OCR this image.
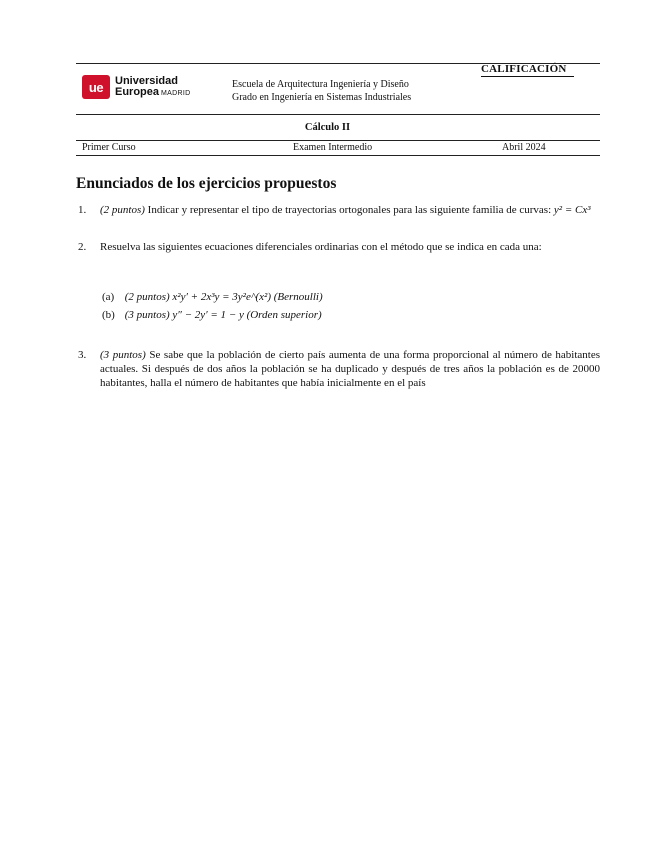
CALIFICACIÓN
ue	Universidad
Europea MADRID
Escuela de Arquitectura Ingeniería y Diseño
Grado en Ingeniería en Sistemas Industriales
Cálculo II
Primer Curso	Examen Intermedio	Abril 2024
Enunciados de los ejercicios propuestos
1. (2 puntos) Indicar y representar el tipo de trayectorias ortogonales para las siguiente familia de curvas: y² = Cx³
2. Resuelva las siguientes ecuaciones diferenciales ordinarias con el método que se indica en cada una:
(a) (2 puntos) x²y′ + 2x³y = 3y²e^(x²) (Bernoulli)
(b) (3 puntos) y″ − 2y′ = 1 − y (Orden superior)
3. (3 puntos) Se sabe que la población de cierto país aumenta de una forma proporcional al número de habitantes actuales. Si después de dos años la población se ha duplicado y después de tres años la población es de 20000 habitantes, halla el número de habitantes que había inicialmente en el país
